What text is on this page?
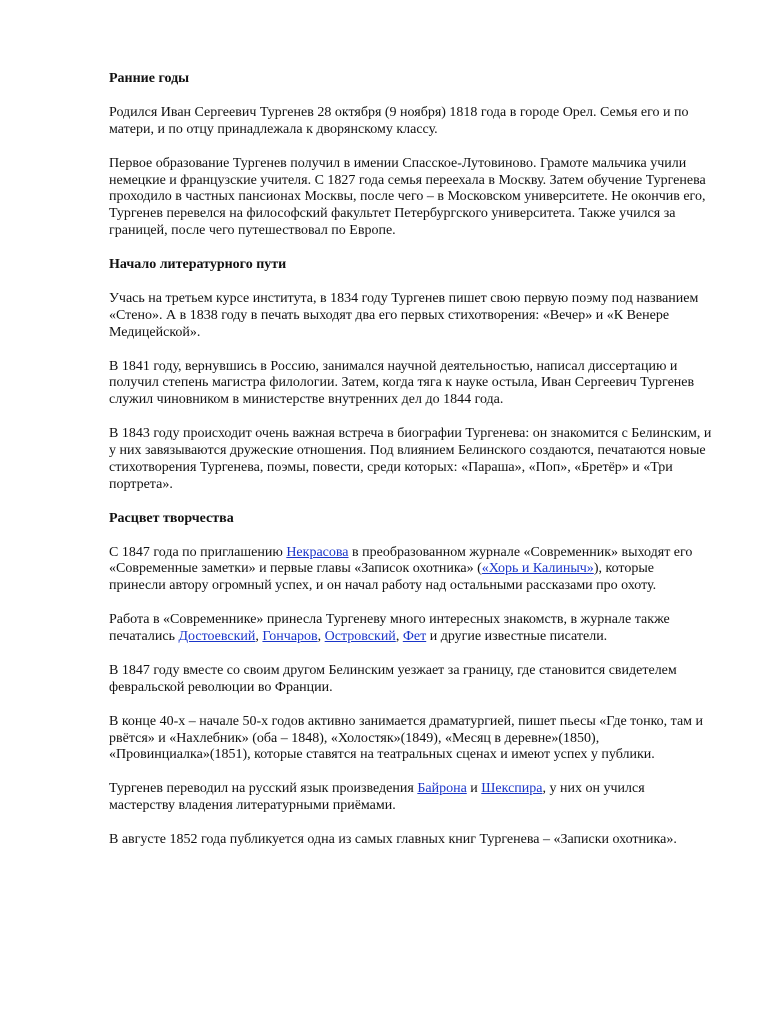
Ранние годы

Родился Иван Сергеевич Тургенев 28 октября (9 ноября) 1818 года в городе Орел. Семья его и по матери, и по отцу принадлежала к дворянскому классу.

Первое образование Тургенев получил в имении Спасское-Лутовиново. Грамоте мальчика учили немецкие и французские учителя. С 1827 года семья переехала в Москву. Затем обучение Тургенева проходило в частных пансионах Москвы, после чего – в Московском университете. Не окончив его, Тургенев перевелся на философский факультет Петербургского университета. Также учился за границей, после чего путешествовал по Европе.

Начало литературного пути

Учась на третьем курсе института, в 1834 году Тургенев пишет свою первую поэму под названием «Стено». А в 1838 году в печать выходят два его первых стихотворения: «Вечер» и «К Венере Медицейской».

В 1841 году, вернувшись в Россию, занимался научной деятельностью, написал диссертацию и получил степень магистра филологии. Затем, когда тяга к науке остыла, Иван Сергеевич Тургенев служил чиновником в министерстве внутренних дел до 1844 года.

В 1843 году происходит очень важная встреча в биографии Тургенева: он знакомится с Белинским, и у них завязываются дружеские отношения. Под влиянием Белинского создаются, печатаются новые стихотворения Тургенева, поэмы, повести, среди которых: «Параша», «Поп», «Бретёр» и «Три портрета».

Расцвет творчества

С 1847 года по приглашению Некрасова в преобразованном журнале «Современник» выходят его «Современные заметки» и первые главы «Записок охотника» («Хорь и Калиныч»), которые принесли автору огромный успех, и он начал работу над остальными рассказами про охоту.

Работа в «Современнике» принесла Тургеневу много интересных знакомств, в журнале также печатались Достоевский, Гончаров, Островский, Фет и другие известные писатели.

В 1847 году вместе со своим другом Белинским уезжает за границу, где становится свидетелем февральской революции во Франции.

В конце 40-х – начале 50-х годов активно занимается драматургией, пишет пьесы «Где тонко, там и рвётся» и «Нахлебник» (оба – 1848), «Холостяк»(1849), «Месяц в деревне»(1850), «Провинциалка»(1851), которые ставятся на театральных сценах и имеют успех у публики.

Тургенев переводил на русский язык произведения Байрона и Шекспира, у них он учился мастерству владения литературными приёмами.

В августе 1852 года публикуется одна из самых главных книг Тургенева – «Записки охотника».
